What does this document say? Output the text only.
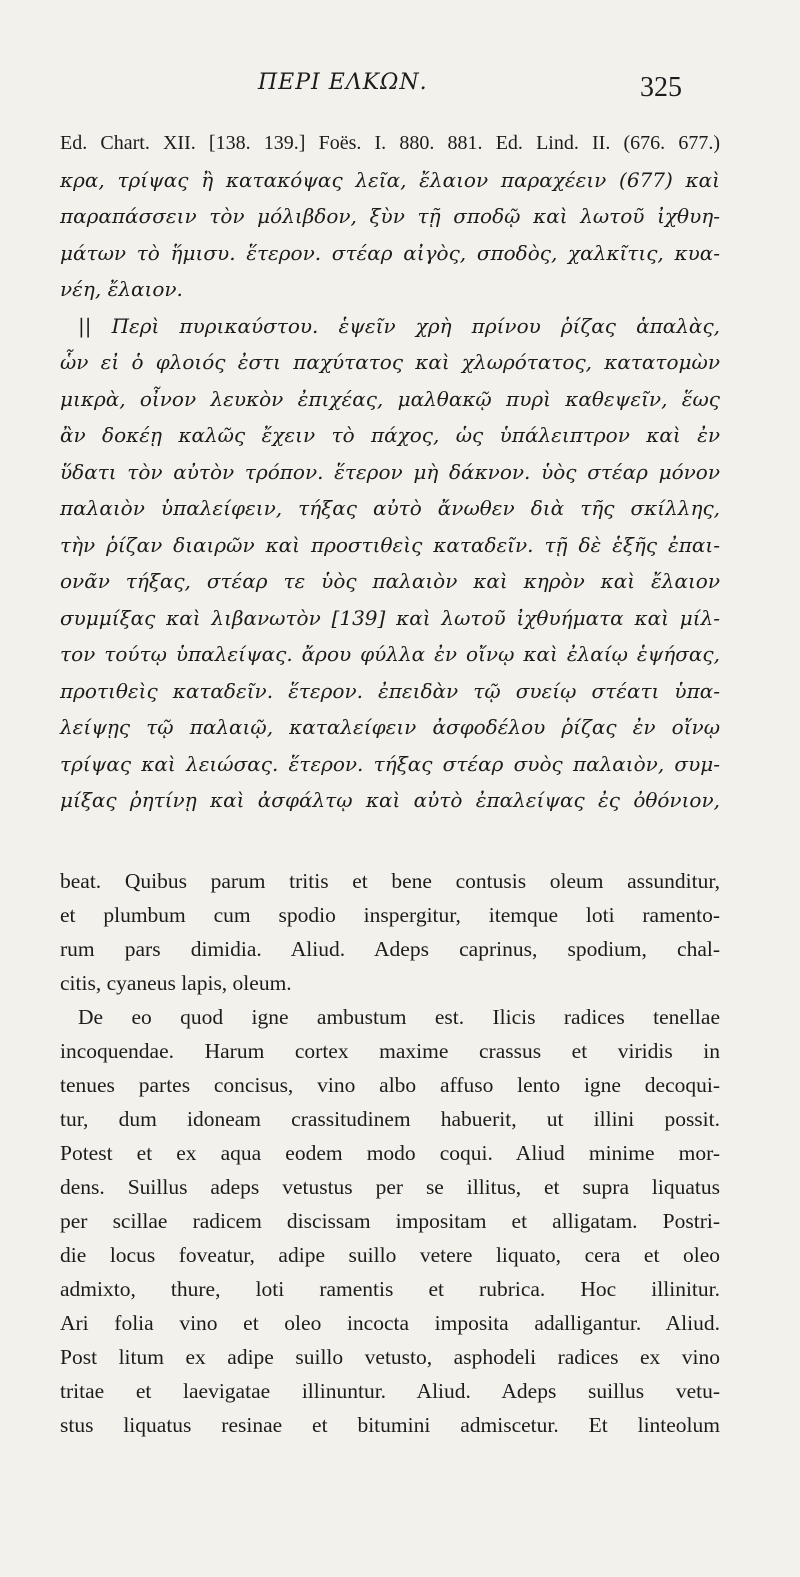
ΠΕΡΙ ΕΛΚΩΝ.	325
Ed. Chart. XII. [138. 139.] Foës. I. 880. 881. Ed. Lind. II. (676. 677.)
κρα, τρίψας ἢ κατακόψας λεῖα, ἔλαιον παραχέειν (677) καὶ
παραπάσσειν τὸν μόλιβδον, ξὺν τῇ σποδῷ καὶ λωτοῦ ἰχθυη-
μάτων τὸ ἥμισυ. ἕτερον. στέαρ αἰγὸς, σποδὸς, χαλκῖτις, κυα-
νέη, ἔλαιον.
|| Περὶ πυρικαύστου. ἑψεῖν χρὴ πρίνου ῥίζας ἁπαλὰς,
ὧν εἰ ὁ φλοιός ἐστι παχύτατος καὶ χλωρότατος, κατατομὼν
μικρὰ, οἶνον λευκὸν ἐπιχέας, μαλθακῷ πυρὶ καθεψεῖν, ἕως
ἂν δοκέῃ καλῶς ἔχειν τὸ πάχος, ὡς ὑπάλειπτρον καὶ ἐν
ὕδατι τὸν αὐτὸν τρόπον. ἕτερον μὴ δάκνον. ὑὸς στέαρ μόνον
παλαιὸν ὑπαλείφειν, τήξας αὐτὸ ἄνωθεν διὰ τῆς σκίλλης,
τὴν ῥίζαν διαιρῶν καὶ προστιθεὶς καταδεῖν. τῇ δὲ ἑξῆς ἐπαι-
ονᾶν τήξας, στέαρ τε ὑὸς παλαιὸν καὶ κηρὸν καὶ ἔλαιον
συμμίξας καὶ λιβανωτὸν [139] καὶ λωτοῦ ἰχθυήματα καὶ μίλ-
τον τούτῳ ὑπαλείψας. ἄρου φύλλα ἐν οἴνῳ καὶ ἐλαίῳ ἑψήσας,
προτιθεὶς καταδεῖν. ἕτερον. ἐπειδὰν τῷ συείῳ στέατι ὑπα-
λείψῃς τῷ παλαιῷ, καταλείφειν ἀσφοδέλου ῥίζας ἐν οἴνῳ
τρίψας καὶ λειώσας. ἕτερον. τήξας στέαρ συὸς παλαιὸν, συμ-
μίξας ῥητίνῃ καὶ ἀσφάλτῳ καὶ αὐτὸ ἐπαλείψας ἐς ὀθόνιον,
beat. Quibus parum tritis et bene contusis oleum assunditur,
et plumbum cum spodio inspergitur, itemque loti ramento-
rum pars dimidia. Aliud. Adeps caprinus, spodium, chal-
citis, cyaneus lapis, oleum.
De eo quod igne ambustum est. Ilicis radices tenellae
incoquendae. Harum cortex maxime crassus et viridis in
tenues partes concisus, vino albo affuso lento igne decoqui-
tur, dum idoneam crassitudinem habuerit, ut illini possit.
Potest et ex aqua eodem modo coqui. Aliud minime mor-
dens. Suillus adeps vetustus per se illitus, et supra liquatus
per scillae radicem discissam impositam et alligatam. Postri-
die locus foveatur, adipe suillo vetere liquato, cera et oleo
admixto, thure, loti ramentis et rubrica. Hoc illinitur.
Ari folia vino et oleo incocta imposita adalligantur. Aliud.
Post litum ex adipe suillo vetusto, asphodeli radices ex vino
tritae et laevigatae illinuntur. Aliud. Adeps suillus vetu-
stus liquatus resinae et bitumini admiscetur. Et linteolum
